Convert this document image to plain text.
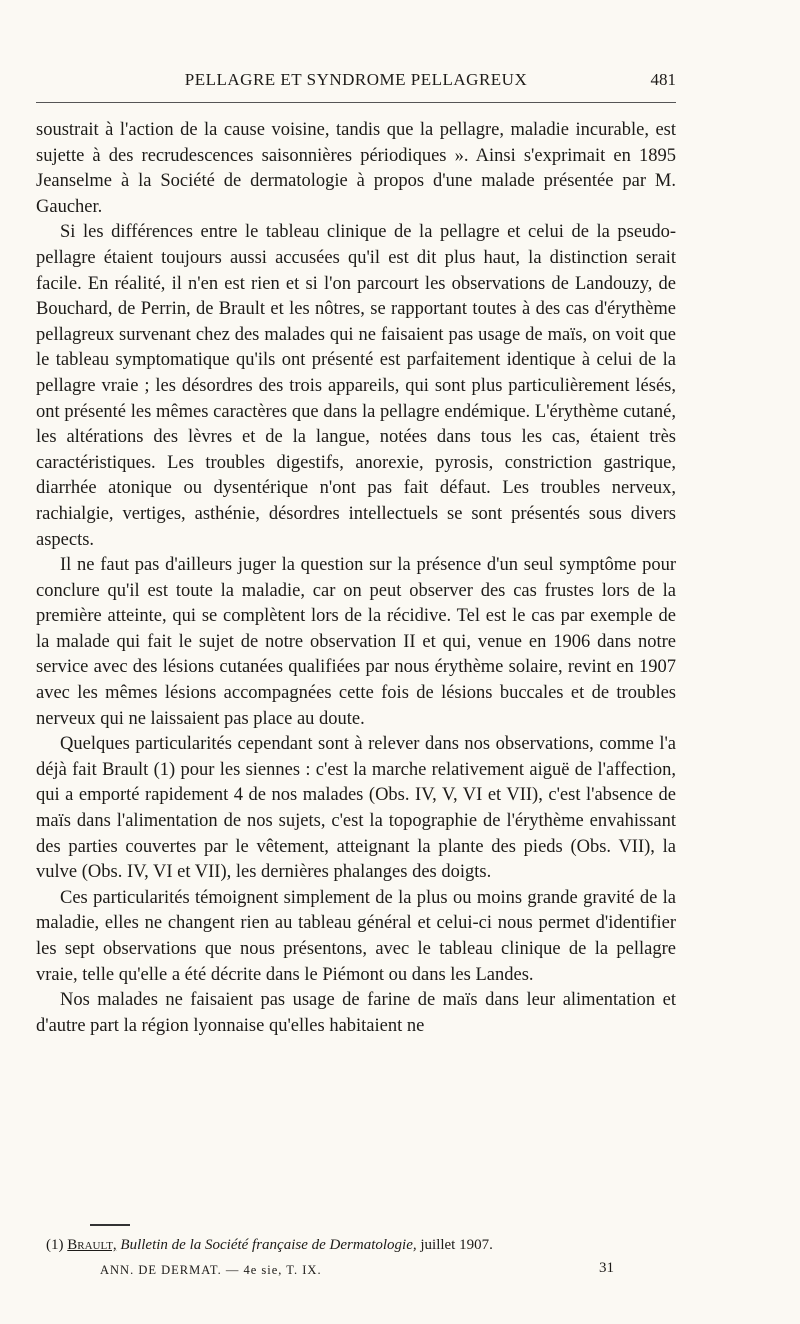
PELLAGRE ET SYNDROME PELLAGREUX	481

soustrait à l'action de la cause voisine, tandis que la pellagre, maladie incurable, est sujette à des recrudescences saisonnières périodiques ». Ainsi s'exprimait en 1895 Jeanselme à la Société de dermatologie à propos d'une malade présentée par M. Gaucher.

Si les différences entre le tableau clinique de la pellagre et celui de la pseudo-pellagre étaient toujours aussi accusées qu'il est dit plus haut, la distinction serait facile. En réalité, il n'en est rien et si l'on parcourt les observations de Landouzy, de Bouchard, de Perrin, de Brault et les nôtres, se rapportant toutes à des cas d'érythème pellagreux survenant chez des malades qui ne faisaient pas usage de maïs, on voit que le tableau symptomatique qu'ils ont présenté est parfaitement identique à celui de la pellagre vraie ; les désordres des trois appareils, qui sont plus particulièrement lésés, ont présenté les mêmes caractères que dans la pellagre endémique. L'érythème cutané, les altérations des lèvres et de la langue, notées dans tous les cas, étaient très caractéristiques. Les troubles digestifs, anorexie, pyrosis, constriction gastrique, diarrhée atonique ou dysentérique n'ont pas fait défaut. Les troubles nerveux, rachialgie, vertiges, asthénie, désordres intellectuels se sont présentés sous divers aspects.

Il ne faut pas d'ailleurs juger la question sur la présence d'un seul symptôme pour conclure qu'il est toute la maladie, car on peut observer des cas frustes lors de la première atteinte, qui se complètent lors de la récidive. Tel est le cas par exemple de la malade qui fait le sujet de notre observation II et qui, venue en 1906 dans notre service avec des lésions cutanées qualifiées par nous érythème solaire, revint en 1907 avec les mêmes lésions accompagnées cette fois de lésions buccales et de troubles nerveux qui ne laissaient pas place au doute.

Quelques particularités cependant sont à relever dans nos observations, comme l'a déjà fait Brault (1) pour les siennes : c'est la marche relativement aiguë de l'affection, qui a emporté rapidement 4 de nos malades (Obs. IV, V, VI et VII), c'est l'absence de maïs dans l'alimentation de nos sujets, c'est la topographie de l'érythème envahissant des parties couvertes par le vêtement, atteignant la plante des pieds (Obs. VII), la vulve (Obs. IV, VI et VII), les dernières phalanges des doigts.

Ces particularités témoignent simplement de la plus ou moins grande gravité de la maladie, elles ne changent rien au tableau général et celui-ci nous permet d'identifier les sept observations que nous présentons, avec le tableau clinique de la pellagre vraie, telle qu'elle a été décrite dans le Piémont ou dans les Landes.

Nos malades ne faisaient pas usage de farine de maïs dans leur alimentation et d'autre part la région lyonnaise qu'elles habitaient ne

(1) Brault, Bulletin de la Société française de Dermatologie, juillet 1907.
ANN. DE DERMAT. — 4e sie, T. IX.	31
